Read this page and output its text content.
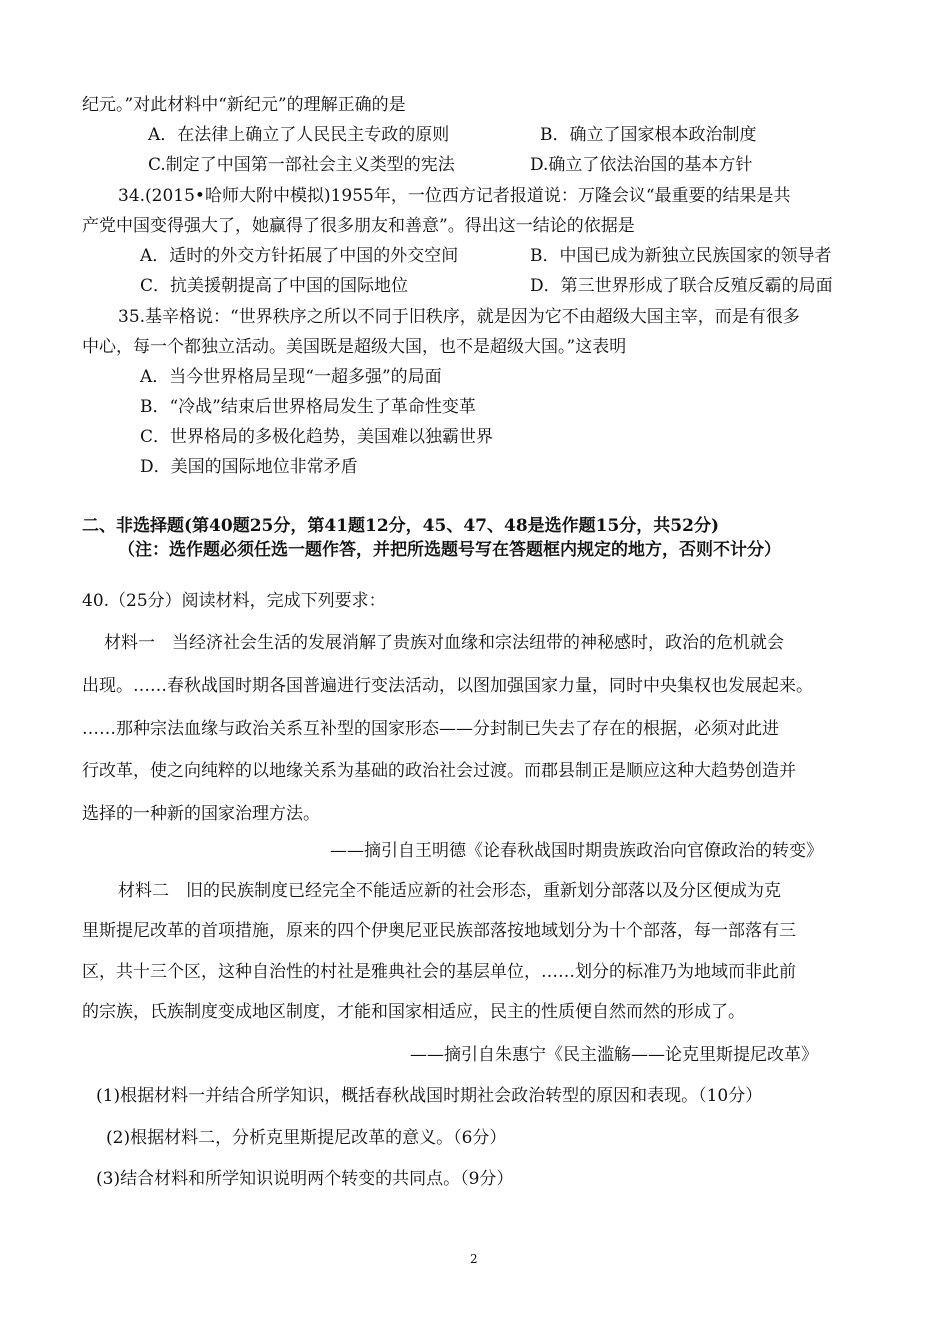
纪元。”对此材料中“新纪元”的理解正确的是
A．在法律上确立了人民民主专政的原则	B．确立了国家根本政治制度
C.制定了中国第一部社会主义类型的宪法	D.确立了依法治国的基本方针
34.(2015•哈师大附中模拟)1955年，一位西方记者报道说：万隆会议“最重要的结果是共
产党中国变得强大了，她赢得了很多朋友和善意”。得出这一结论的依据是
A．适时的外交方针拓展了中国的外交空间	B．中国已成为新独立民族国家的领导者
C．抗美援朝提高了中国的国际地位	D．第三世界形成了联合反殖反霸的局面
35.基辛格说：“世界秩序之所以不同于旧秩序，就是因为它不由超级大国主宰，而是有很多
中心，每一个都独立活动。美国既是超级大国，也不是超级大国。”这表明
A．当今世界格局呈现“一超多强”的局面
B．“冷战”结束后世界格局发生了革命性变革
C．世界格局的多极化趋势，美国难以独霸世界
D．美国的国际地位非常矛盾
二、非选择题(第40题25分，第41题12分，45、47、48是选作题15分，共52分)
（注：选作题必须任选一题作答，并把所选题号写在答题框内规定的地方，否则不计分）
40.（25分）阅读材料，完成下列要求：
材料一　当经济社会生活的发展消解了贵族对血缘和宗法纽带的神秘感时，政治的危机就会
出现。……春秋战国时期各国普遍进行变法活动，以图加强国家力量，同时中央集权也发展起来。
……那种宗法血缘与政治关系互补型的国家形态——分封制已失去了存在的根据，必须对此进
行改革，使之向纯粹的以地缘关系为基础的政治社会过渡。而郡县制正是顺应这种大趋势创造并
选择的一种新的国家治理方法。
——摘引自王明德《论春秋战国时期贵族政治向官僚政治的转变》
材料二　旧的民族制度已经完全不能适应新的社会形态，重新划分部落以及分区便成为克
里斯提尼改革的首项措施，原来的四个伊奥尼亚民族部落按地域划分为十个部落，每一部落有三
区，共十三个区，这种自治性的村社是雅典社会的基层单位，……划分的标准乃为地域而非此前
的宗族，氏族制度变成地区制度，才能和国家相适应，民主的性质便自然而然的形成了。
——摘引自朱惠宁《民主滥觞——论克里斯提尼改革》
(1)根据材料一并结合所学知识，概括春秋战国时期社会政治转型的原因和表现。（10分）
(2)根据材料二，分析克里斯提尼改革的意义。（6分）
(3)结合材料和所学知识说明两个转变的共同点。（9分）
2
